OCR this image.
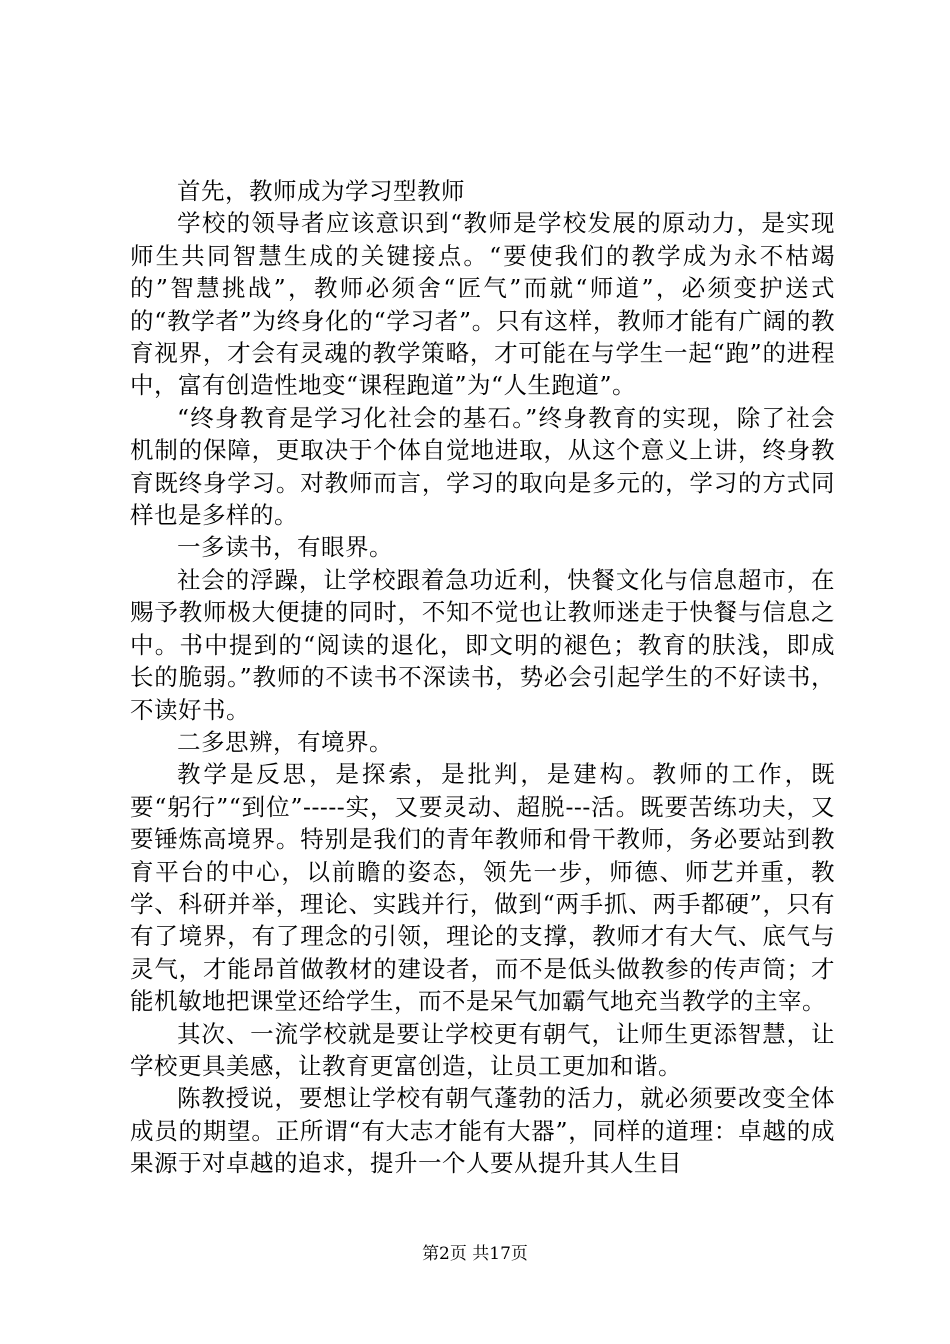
首先，教师成为学习型教师

学校的领导者应该意识到“教师是学校发展的原动力，是实现师生共同智慧生成的关键接点。“要使我们的教学成为永不枯竭的”智慧挑战”，教师必须舍“匠气”而就“师道”，必须变护送式的“教学者”为终身化的“学习者”。只有这样，教师才能有广阔的教育视界，才会有灵魂的教学策略，才可能在与学生一起“跑”的进程中，富有创造性地变“课程跑道”为“人生跑道”。

“终身教育是学习化社会的基石。”终身教育的实现，除了社会机制的保障，更取决于个体自觉地进取，从这个意义上讲，终身教育既终身学习。对教师而言，学习的取向是多元的，学习的方式同样也是多样的。

一多读书，有眼界。

社会的浮躁，让学校跟着急功近利，快餐文化与信息超市，在赐予教师极大便捷的同时，不知不觉也让教师迷走于快餐与信息之中。书中提到的“阅读的退化，即文明的褪色；教育的肤浅，即成长的脆弱。”教师的不读书不深读书，势必会引起学生的不好读书，不读好书。

二多思辨，有境界。

教学是反思，是探索，是批判，是建构。教师的工作，既要“躬行”“到位”-----实，又要灵动、超脱---活。既要苦练功夫，又要锤炼高境界。特别是我们的青年教师和骨干教师，务必要站到教育平台的中心，以前瞻的姿态，领先一步，师德、师艺并重，教学、科研并举，理论、实践并行，做到“两手抓、两手都硬”，只有有了境界，有了理念的引领，理论的支撑，教师才有大气、底气与灵气，才能昂首做教材的建设者，而不是低头做教参的传声筒；才能机敏地把课堂还给学生，而不是呆气加霸气地充当教学的主宰。

其次、一流学校就是要让学校更有朝气，让师生更添智慧，让学校更具美感，让教育更富创造，让员工更加和谐。

陈教授说，要想让学校有朝气蓬勃的活力，就必须要改变全体成员的期望。正所谓“有大志才能有大器”，同样的道理：卓越的成果源于对卓越的追求，提升一个人要从提升其人生目

第2页 共17页
